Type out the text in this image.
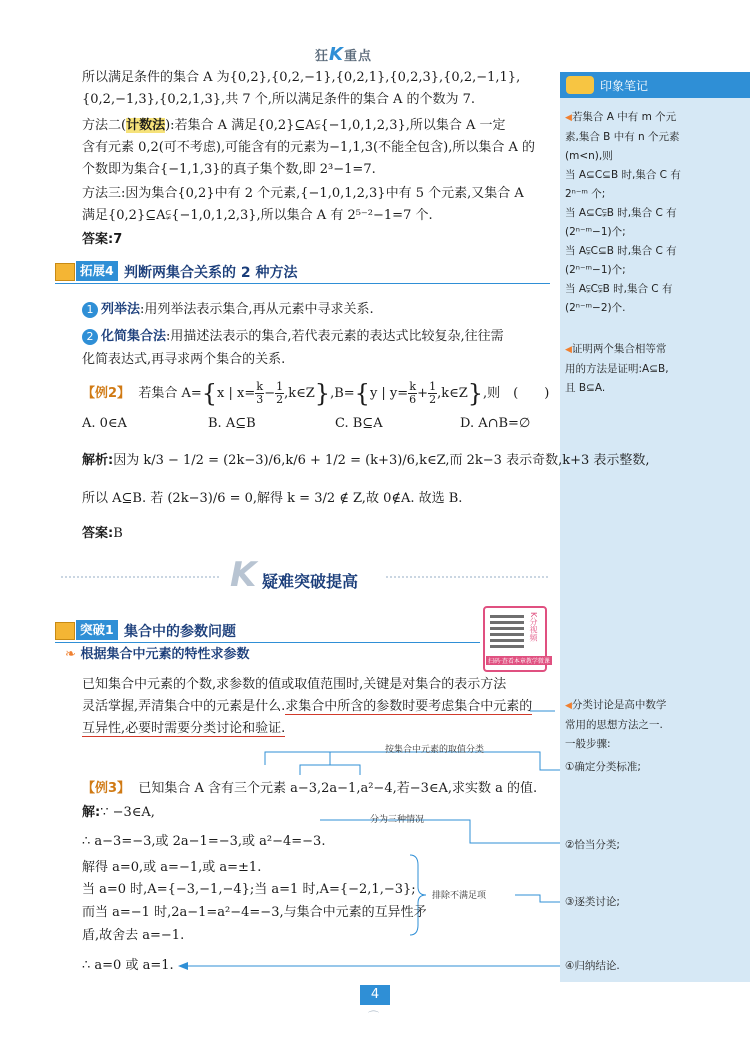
狂K重点
印象笔记
◀若集合 A 中有 m 个元
素,集合 B 中有 n 个元素
(m<n),则
当 A⊆C⊆B 时,集合 C 有
2ⁿ⁻ᵐ 个;
当 A⊆C⫋B 时,集合 C 有
(2ⁿ⁻ᵐ−1)个;
当 A⫋C⊆B 时,集合 C 有
(2ⁿ⁻ᵐ−1)个;
当 A⫋C⫋B 时,集合 C 有
(2ⁿ⁻ᵐ−2)个.
◀证明两个集合相等常
用的方法是证明:A⊆B,
且 B⊆A.
◀分类讨论是高中数学
常用的思想方法之一.
一般步骤:
①确定分类标准;
②恰当分类;
③逐类讨论;
④归纳结论.
所以满足条件的集合 A 为{0,2},{0,2,−1},{0,2,1},{0,2,3},{0,2,−1,1},
{0,2,−1,3},{0,2,1,3},共 7 个,所以满足条件的集合 A 的个数为 7.
方法二(计数法):若集合 A 满足{0,2}⊆A⫋{−1,0,1,2,3},所以集合 A 一定
含有元素 0,2(可不考虑),可能含有的元素为−1,1,3(不能全包含),所以集合 A 的
个数即为集合{−1,1,3}的真子集个数,即 2³−1=7.
方法三:因为集合{0,2}中有 2 个元素,{−1,0,1,2,3}中有 5 个元素,又集合 A
满足{0,2}⊆A⫋{−1,0,1,2,3},所以集合 A 有 2⁵⁻²−1=7 个.
答案:7
拓展4 判断两集合关系的 2 种方法
1 列举法:用列举法表示集合,再从元素中寻求关系.
2 化简集合法:用描述法表示的集合,若代表元素的表达式比较复杂,往往需
化简表达式,再寻求两个集合的关系.
【例2】 若集合 A={x | $x= \frac{k}{3} - \frac{1}{2}$ ,k∈Z},B={y | $y= \frac{k}{6} + \frac{1}{2}$ ,k∈Z},则　(　　)
A. 0∈A	B. A⊆B	C. B⊆A	D. A∩B=∅
解析:因为 k/3 − 1/2 = (2k−3)/6,k/6 + 1/2 = (k+3)/6,k∈Z,而 2k−3 表示奇数,k+3 表示整数,
所以 A⊆B. 若 (2k−3)/6 = 0,解得 k = 3/2 ∉ Z,故 0∉A. 故选 B.
答案:B
K 疑难突破提高
突破1 集合中的参数问题	K分视频
扫码·查看本章教学微课
❧ 根据集合中元素的特性求参数
已知集合中元素的个数,求参数的值或取值范围时,关键是对集合的表示方法
灵活掌握,弄清集合中的元素是什么.求集合中所含的参数时要考虑集合中元素的
互异性,必要时需要分类讨论和验证.
按集合中元素的取值分类
【例3】 已知集合 A 含有三个元素 a−3,2a−1,a²−4,若−3∈A,求实数 a 的值.
解:∵ −3∈A,
∴ a−3=−3,或 2a−1=−3,或 a²−4=−3.
分为三种情况
解得 a=0,或 a=−1,或 a=±1.
当 a=0 时,A={−3,−1,−4};当 a=1 时,A={−2,1,−3}; 排除不满足项
而当 a=−1 时,2a−1=a²−4=−3,与集合中元素的互异性矛
盾,故舍去 a=−1.
∴ a=0 或 a=1.
4
⌒
